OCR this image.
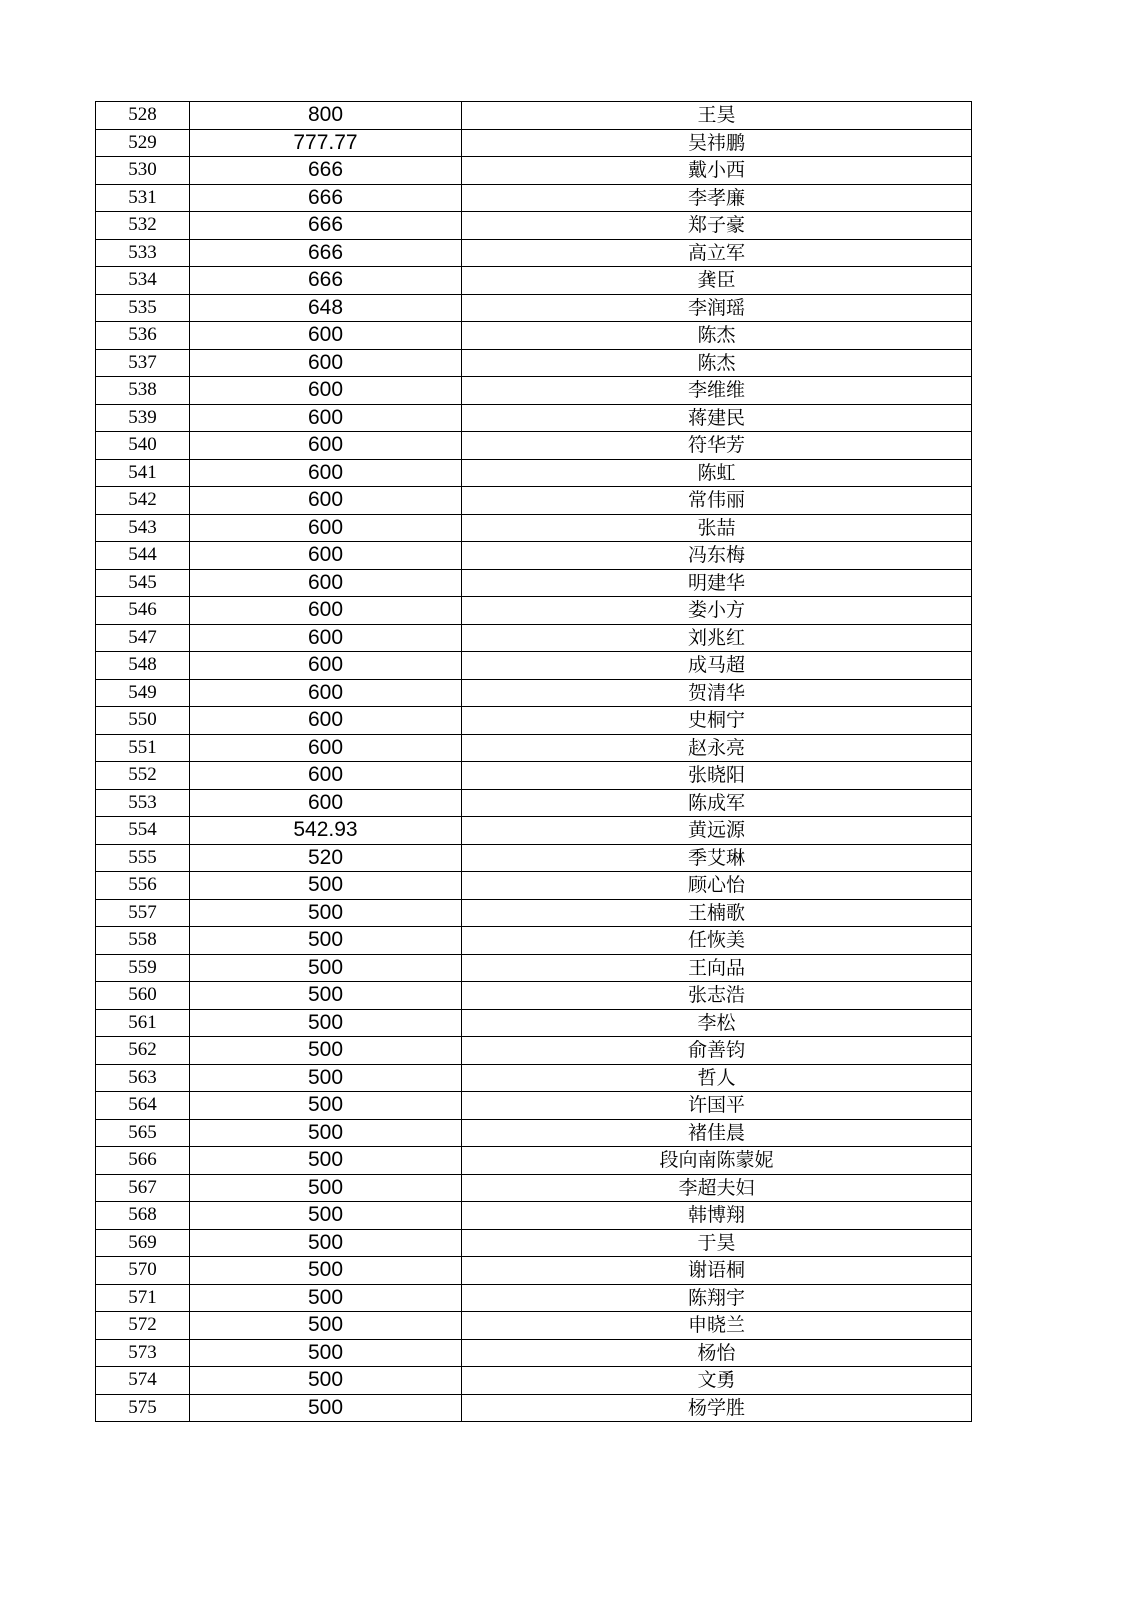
528	800	王昊
529	777.77	吴祎鹏
530	666	戴小西
531	666	李孝廉
532	666	郑子豪
533	666	高立军
534	666	龚臣
535	648	李润瑶
536	600	陈杰
537	600	陈杰
538	600	李维维
539	600	蒋建民
540	600	符华芳
541	600	陈虹
542	600	常伟丽
543	600	张喆
544	600	冯东梅
545	600	明建华
546	600	娄小方
547	600	刘兆红
548	600	成马超
549	600	贺清华
550	600	史桐宁
551	600	赵永亮
552	600	张晓阳
553	600	陈成军
554	542.93	黄远源
555	520	季艾琳
556	500	顾心怡
557	500	王楠歌
558	500	任恢美
559	500	王向品
560	500	张志浩
561	500	李松
562	500	俞善钧
563	500	哲人
564	500	许国平
565	500	褚佳晨
566	500	段向南陈蒙妮
567	500	李超夫妇
568	500	韩博翔
569	500	于昊
570	500	谢语桐
571	500	陈翔宇
572	500	申晓兰
573	500	杨怡
574	500	文勇
575	500	杨学胜
